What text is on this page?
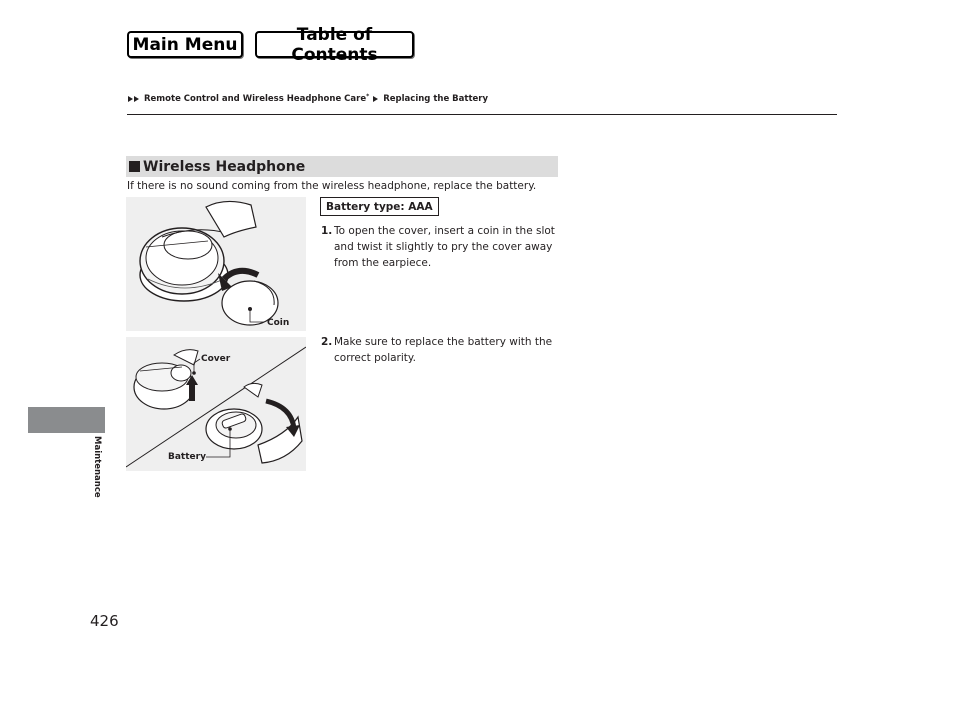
Main Menu	Table of Contents
Remote Control and Wireless Headphone Care * Replacing the Battery
Maintenance
Wireless Headphone
If there is no sound coming from the wireless headphone, replace the battery.
Coin
Cover
Battery
Battery type: AAA
1. To open the cover, insert a coin in the slot and twist it slightly to pry the cover away from the earpiece.
2. Make sure to replace the battery with the correct polarity.
426
